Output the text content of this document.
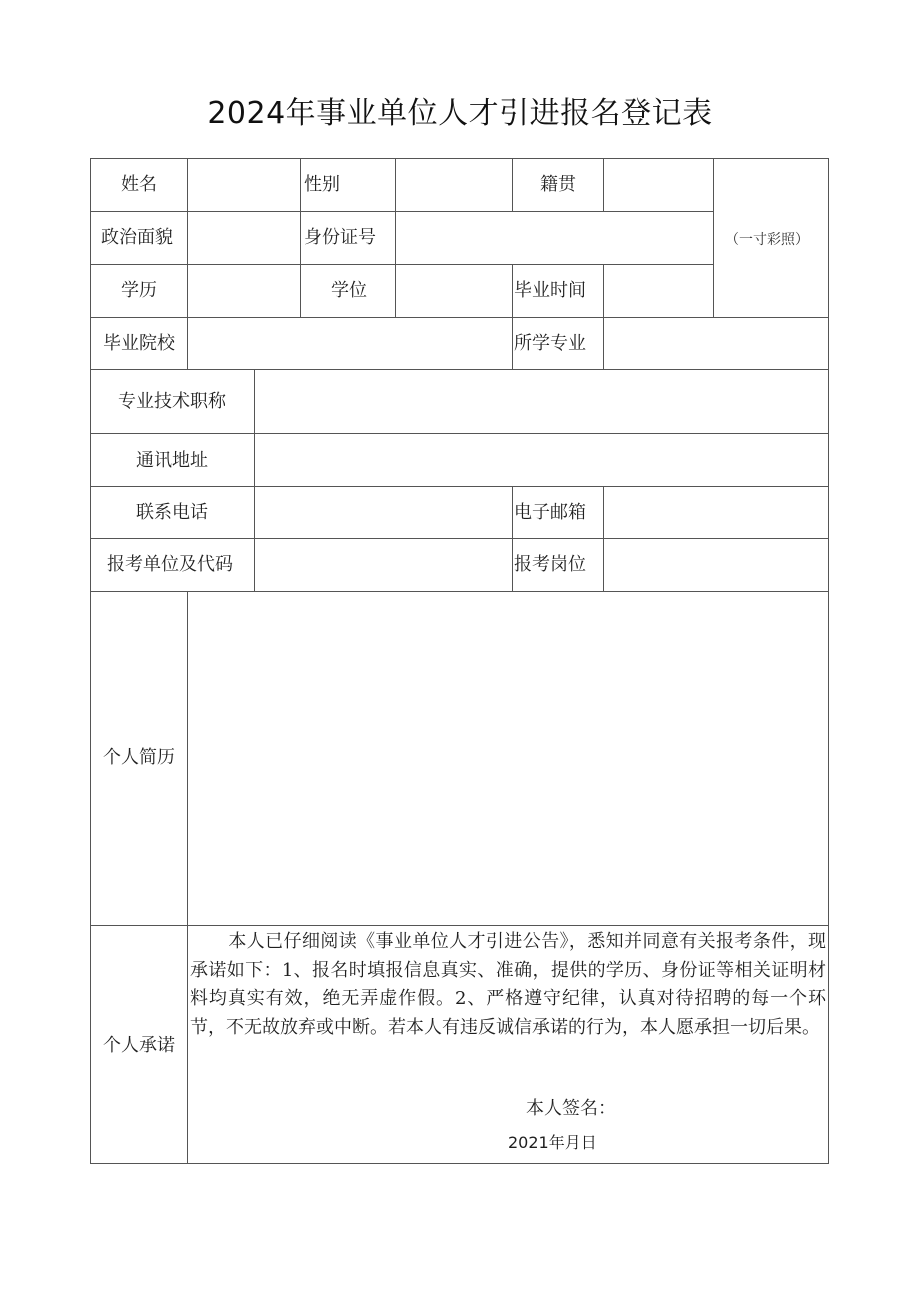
2024年事业单位人才引进报名登记表
姓名	性别	籍贯
（一寸彩照）
政治面貌	身份证号
学历	学位	毕业时间
毕业院校	所学专业
专业技术职称
通讯地址
联系电话	电子邮箱
报考单位及代码	报考岗位
个人简历
个人承诺
本人已仔细阅读《事业单位人才引进公告》，悉知并同意有关报考条件，现承诺如下：1、报名时填报信息真实、准确，提供的学历、身份证等相关证明材料均真实有效，绝无弄虚作假。2、严格遵守纪律，认真对待招聘的每一个环节，不无故放弃或中断。若本人有违反诚信承诺的行为，本人愿承担一切后果。
本人签名：
2021年月日
